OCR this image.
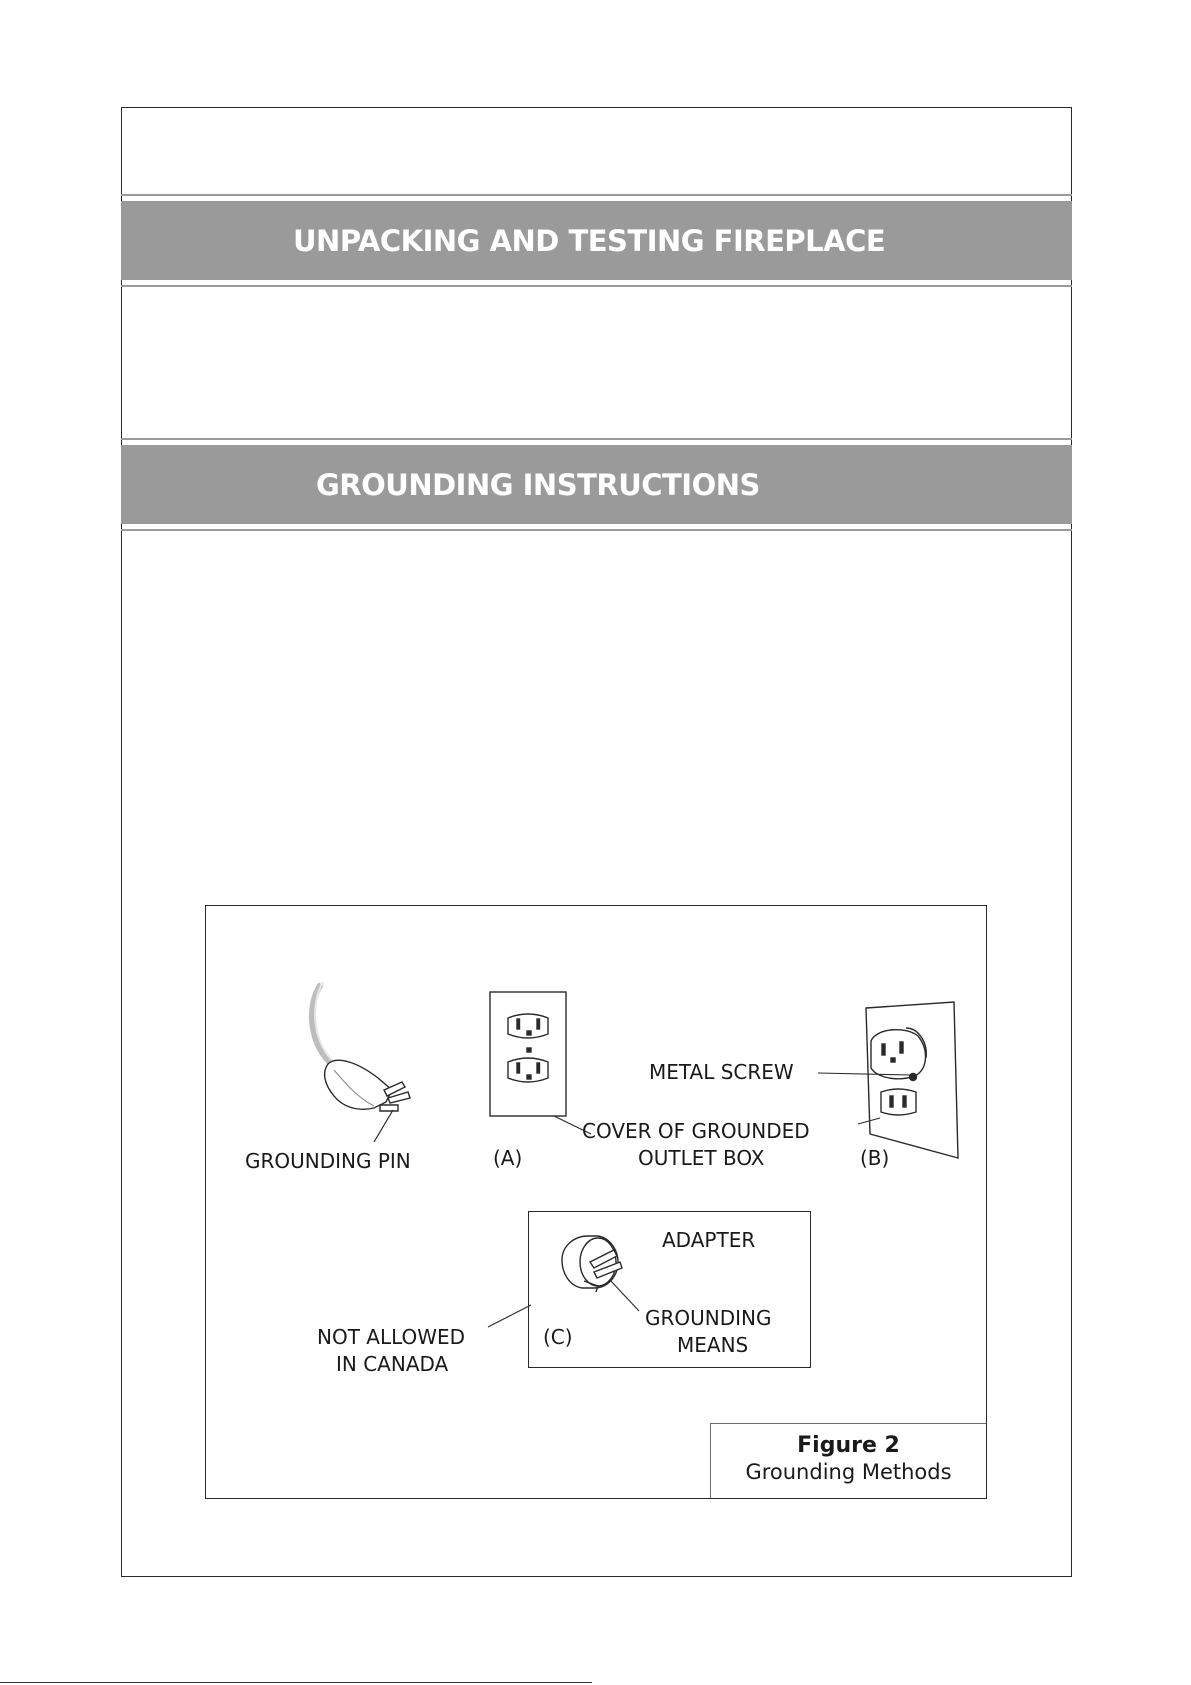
UNPACKING AND TESTING FIREPLACE
GROUNDING INSTRUCTIONS
GROUNDING PIN	(A)
COVER OF GROUNDED
OUTLET BOX
METAL SCREW
(B)
ADAPTER
GROUNDING
MEANS
(C)
NOT ALLOWED
IN CANADA
Figure 2
Grounding Methods
